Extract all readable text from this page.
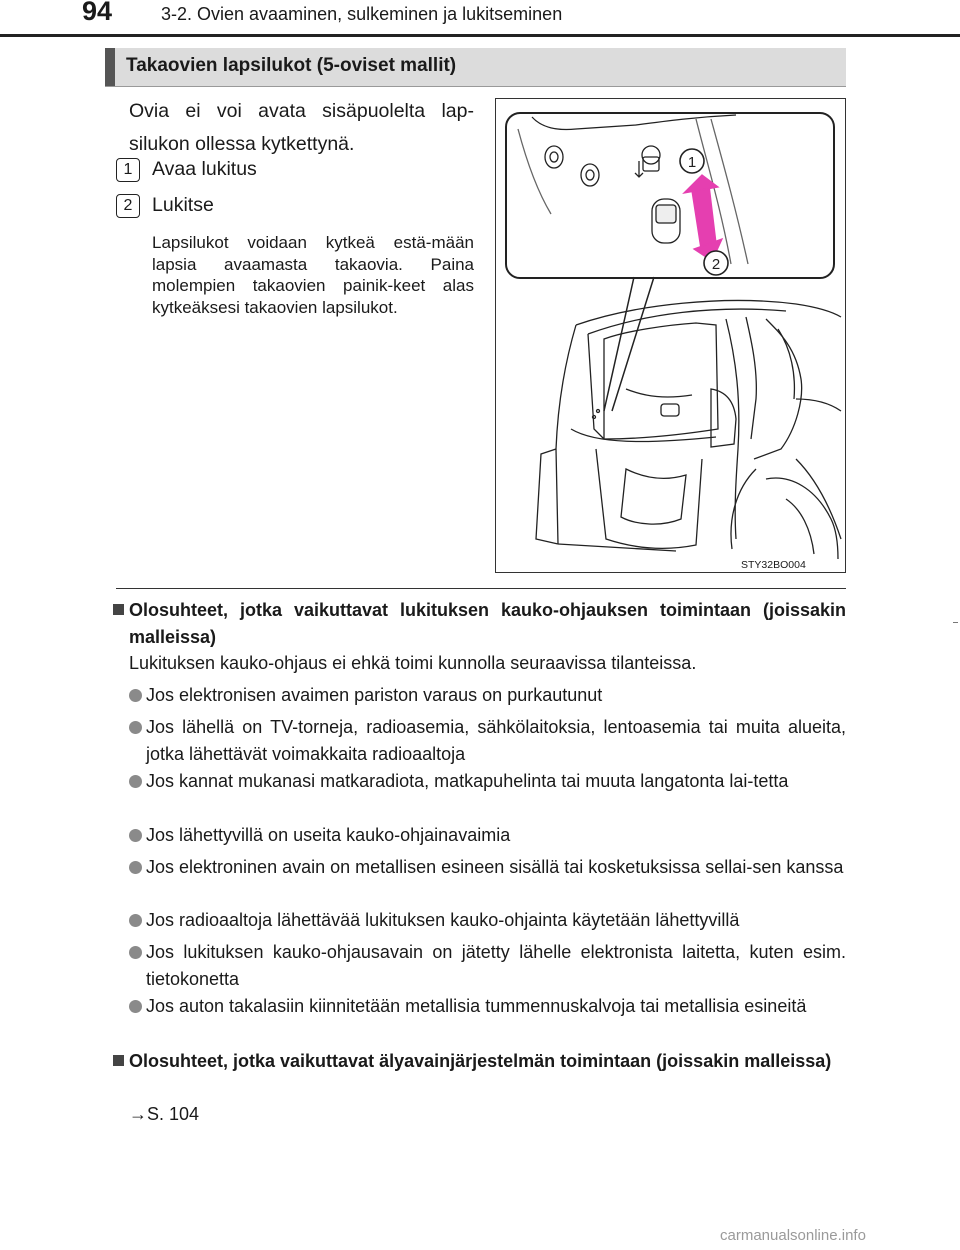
94	3-2. Ovien avaaminen, sulkeminen ja lukitseminen
Takaovien lapsilukot (5-oviset mallit)
Ovia ei voi avata sisäpuolelta lap-silukon ollessa kytkettynä.
1 Avaa lukitus
2 Lukitse
Lapsilukot voidaan kytkeä estä-mään lapsia avaamasta takaovia. Paina molempien takaovien painik-keet alas kytkeäksesi takaovien lapsilukot.
1
2
STY32BO004
Olosuhteet, jotka vaikuttavat lukituksen kauko-ohjauksen toimintaan (joissakin malleissa)
Lukituksen kauko-ohjaus ei ehkä toimi kunnolla seuraavissa tilanteissa.
Jos elektronisen avaimen pariston varaus on purkautunut
Jos lähellä on TV-torneja, radioasemia, sähkölaitoksia, lentoasemia tai muita alueita, jotka lähettävät voimakkaita radioaaltoja
Jos kannat mukanasi matkaradiota, matkapuhelinta tai muuta langatonta lai-tetta
Jos lähettyvillä on useita kauko-ohjainavaimia
Jos elektroninen avain on metallisen esineen sisällä tai kosketuksissa sellai-sen kanssa
Jos radioaaltoja lähettävää lukituksen kauko-ohjainta käytetään lähettyvillä
Jos lukituksen kauko-ohjausavain on jätetty lähelle elektronista laitetta, kuten esim. tietokonetta
Jos auton takalasiin kiinnitetään metallisia tummennuskalvoja tai metallisia esineitä
Olosuhteet, jotka vaikuttavat älyavainjärjestelmän toimintaan (joissakin malleissa)
→S. 104
carmanualsonline.info
